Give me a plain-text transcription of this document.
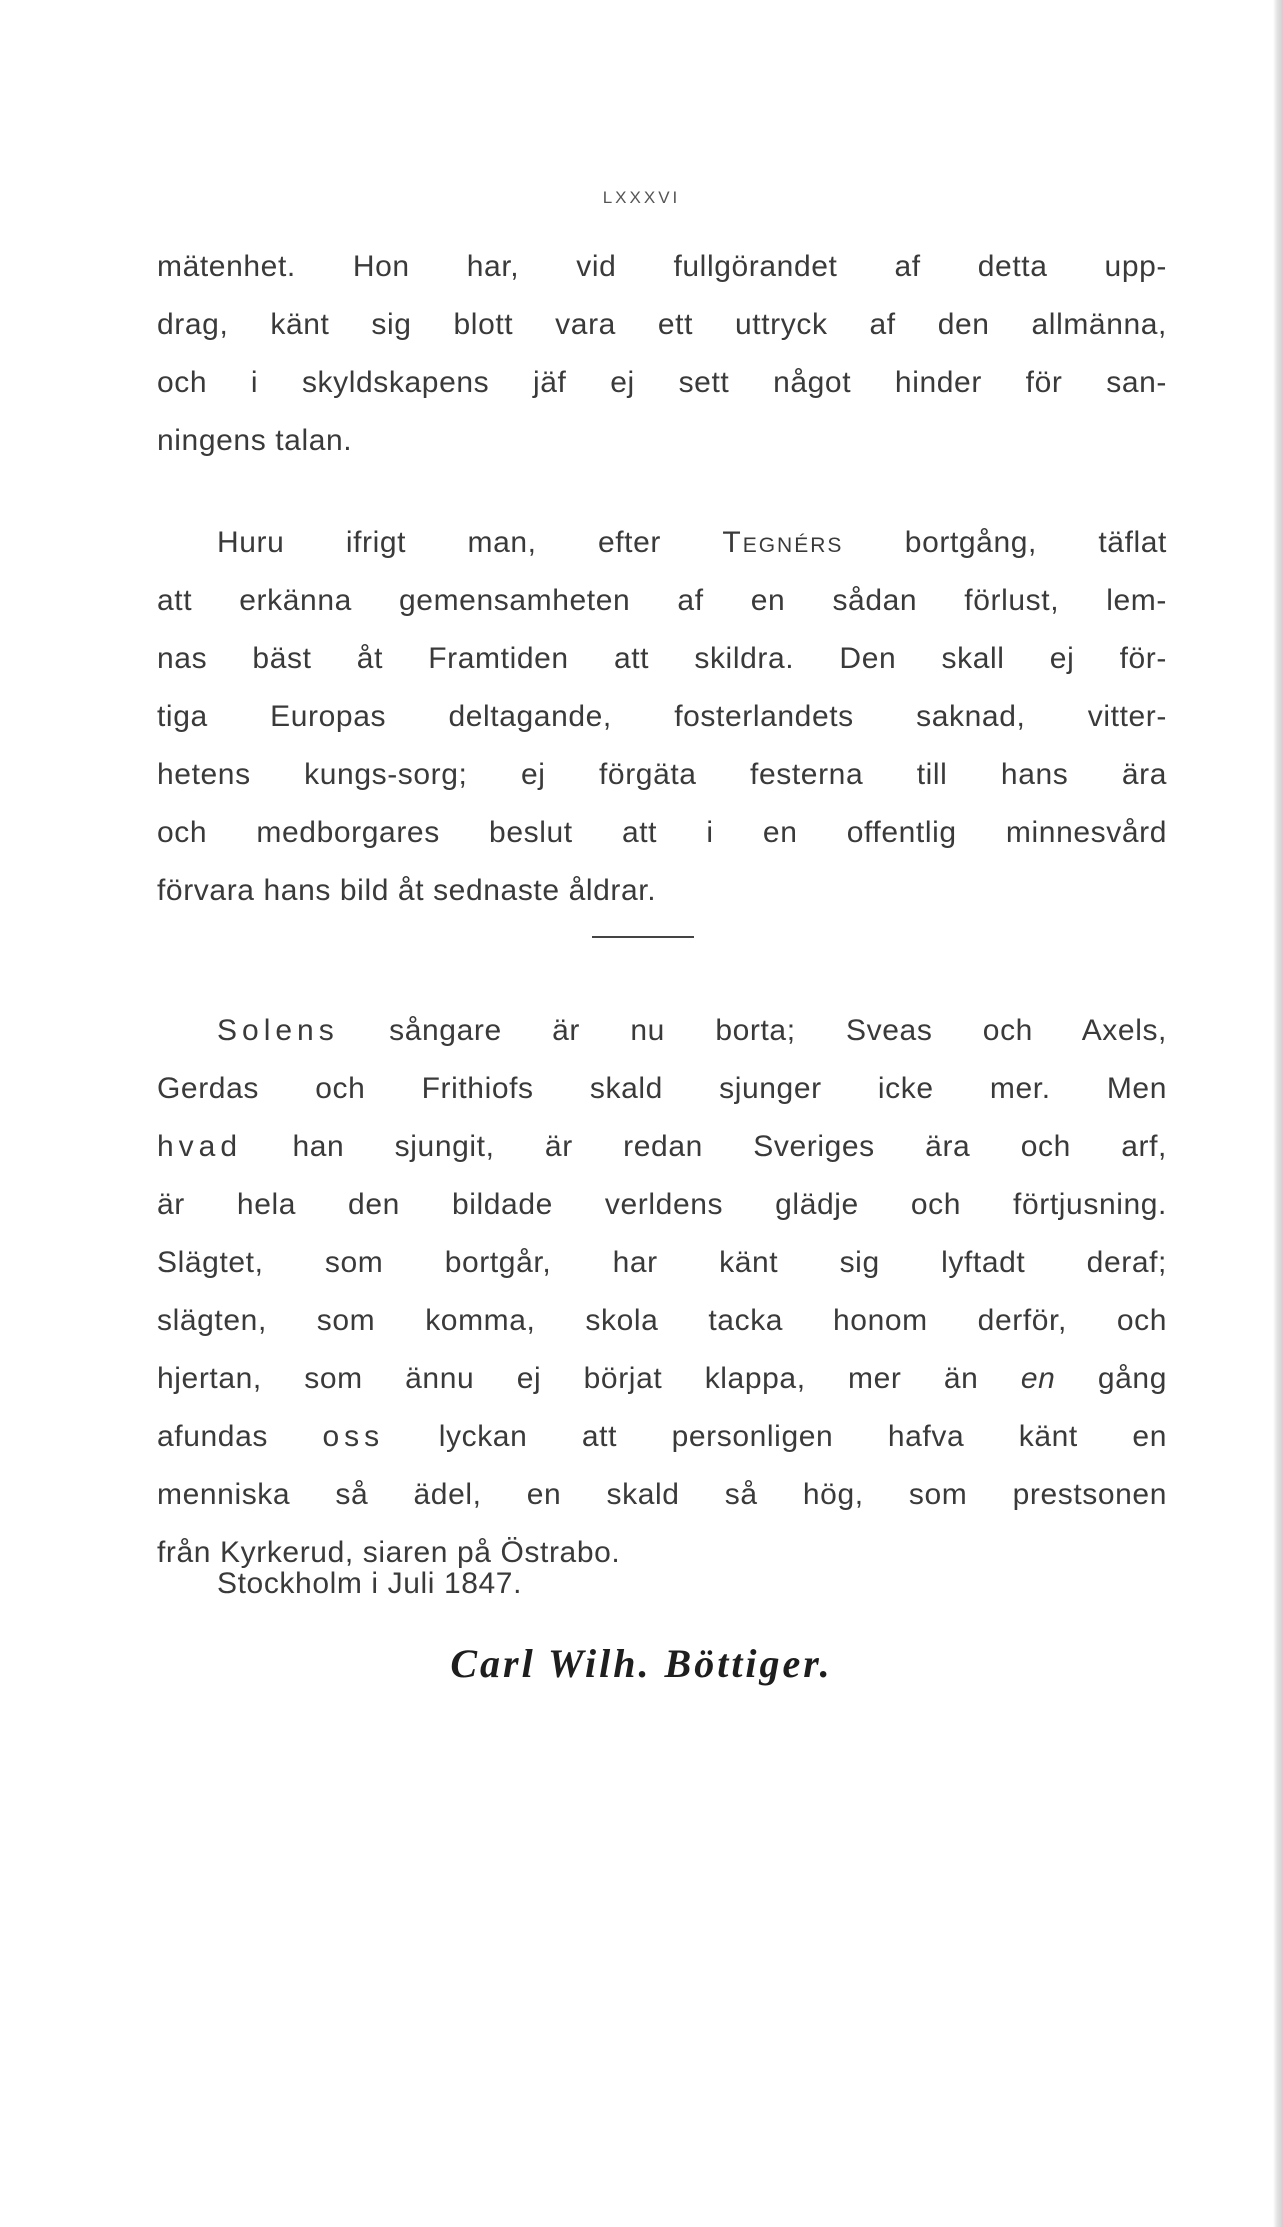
LXXXVI
mätenhet. Hon har, vid fullgörandet af detta upp-
drag, känt sig blott vara ett uttryck af den allmänna,
och i skyldskapens jäf ej sett något hinder för san-
ningens talan.
Huru ifrigt man, efter Tegnérs bortgång, täflat
att erkänna gemensamheten af en sådan förlust, lem-
nas bäst åt Framtiden att skildra. Den skall ej för-
tiga Europas deltagande, fosterlandets saknad, vitter-
hetens kungs-sorg; ej förgäta festerna till hans ära
och medborgares beslut att i en offentlig minnesvård
förvara hans bild åt sednaste åldrar.
Solens sångare är nu borta; Sveas och Axels,
Gerdas och Frithiofs skald sjunger icke mer. Men
hvad han sjungit, är redan Sveriges ära och arf,
är hela den bildade verldens glädje och förtjusning.
Slägtet, som bortgår, har känt sig lyftadt deraf;
slägten, som komma, skola tacka honom derför, och
hjertan, som ännu ej börjat klappa, mer än en gång
afundas oss lyckan att personligen hafva känt en
menniska så ädel, en skald så hög, som prestsonen
från Kyrkerud, siaren på Östrabo.
Stockholm i Juli 1847.
Carl Wilh. Böttiger.
